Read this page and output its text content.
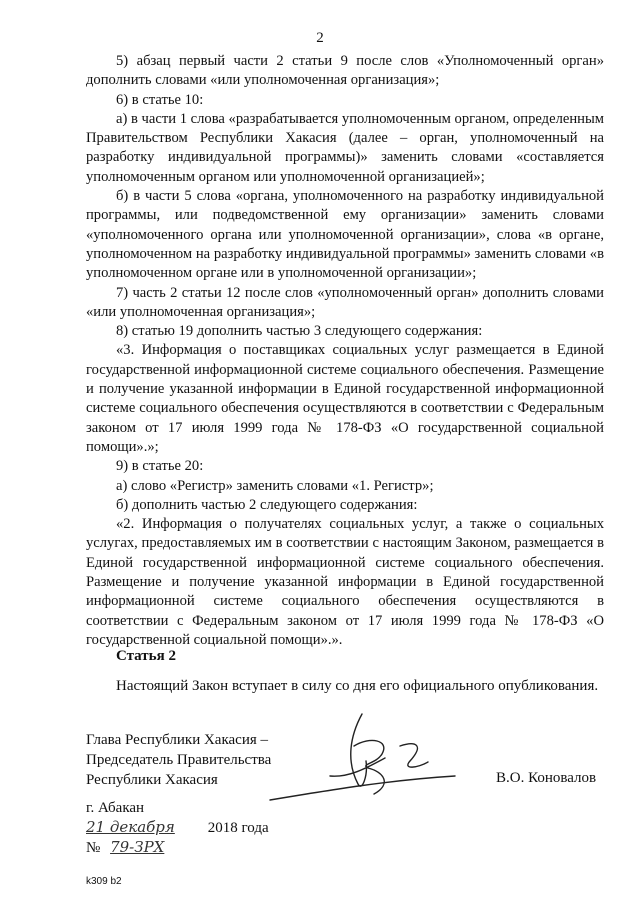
2

5) абзац первый части 2 статьи 9 после слов «Уполномоченный орган» дополнить словами «или уполномоченная организация»;

6) в статье 10:

а) в части 1 слова «разрабатывается уполномоченным органом, определенным Правительством Республики Хакасия (далее – орган, уполномоченный на разработку индивидуальной программы)» заменить словами «составляется уполномоченным органом или уполномоченной организацией»;

б) в части 5 слова «органа, уполномоченного на разработку индивидуальной программы, или подведомственной ему организации» заменить словами «уполномоченного органа или уполномоченной организации», слова «в органе, уполномоченном на разработку индивидуальной программы» заменить словами «в уполномоченном органе или в уполномоченной организации»;

7) часть 2 статьи 12 после слов «уполномоченный орган» дополнить словами «или уполномоченная организация»;

8) статью 19 дополнить частью 3 следующего содержания:

«3. Информация о поставщиках социальных услуг размещается в Единой государственной информационной системе социального обеспечения. Размещение и получение указанной информации в Единой государственной информационной системе социального обеспечения осуществляются в соответствии с Федеральным законом от 17 июля 1999 года № 178-ФЗ «О государственной социальной помощи».»;

9) в статье 20:

а) слово «Регистр» заменить словами «1. Регистр»;

б) дополнить частью 2 следующего содержания:

«2. Информация о получателях социальных услуг, а также о социальных услугах, предоставляемых им в соответствии с настоящим Законом, размещается в Единой государственной информационной системе социального обеспечения. Размещение и получение указанной информации в Единой государственной информационной системе социального обеспечения осуществляются в соответствии с Федеральным законом от 17 июля 1999 года № 178-ФЗ «О государственной социальной помощи».».

Статья 2
Настоящий Закон вступает в силу со дня его официального опубликования.
Глава Республики Хакасия –
Председатель Правительства
Республики Хакасия	В.О. Коновалов
г. Абакан
21 декабря 2018 года
№ 79-ЗРХ
k309 b2
